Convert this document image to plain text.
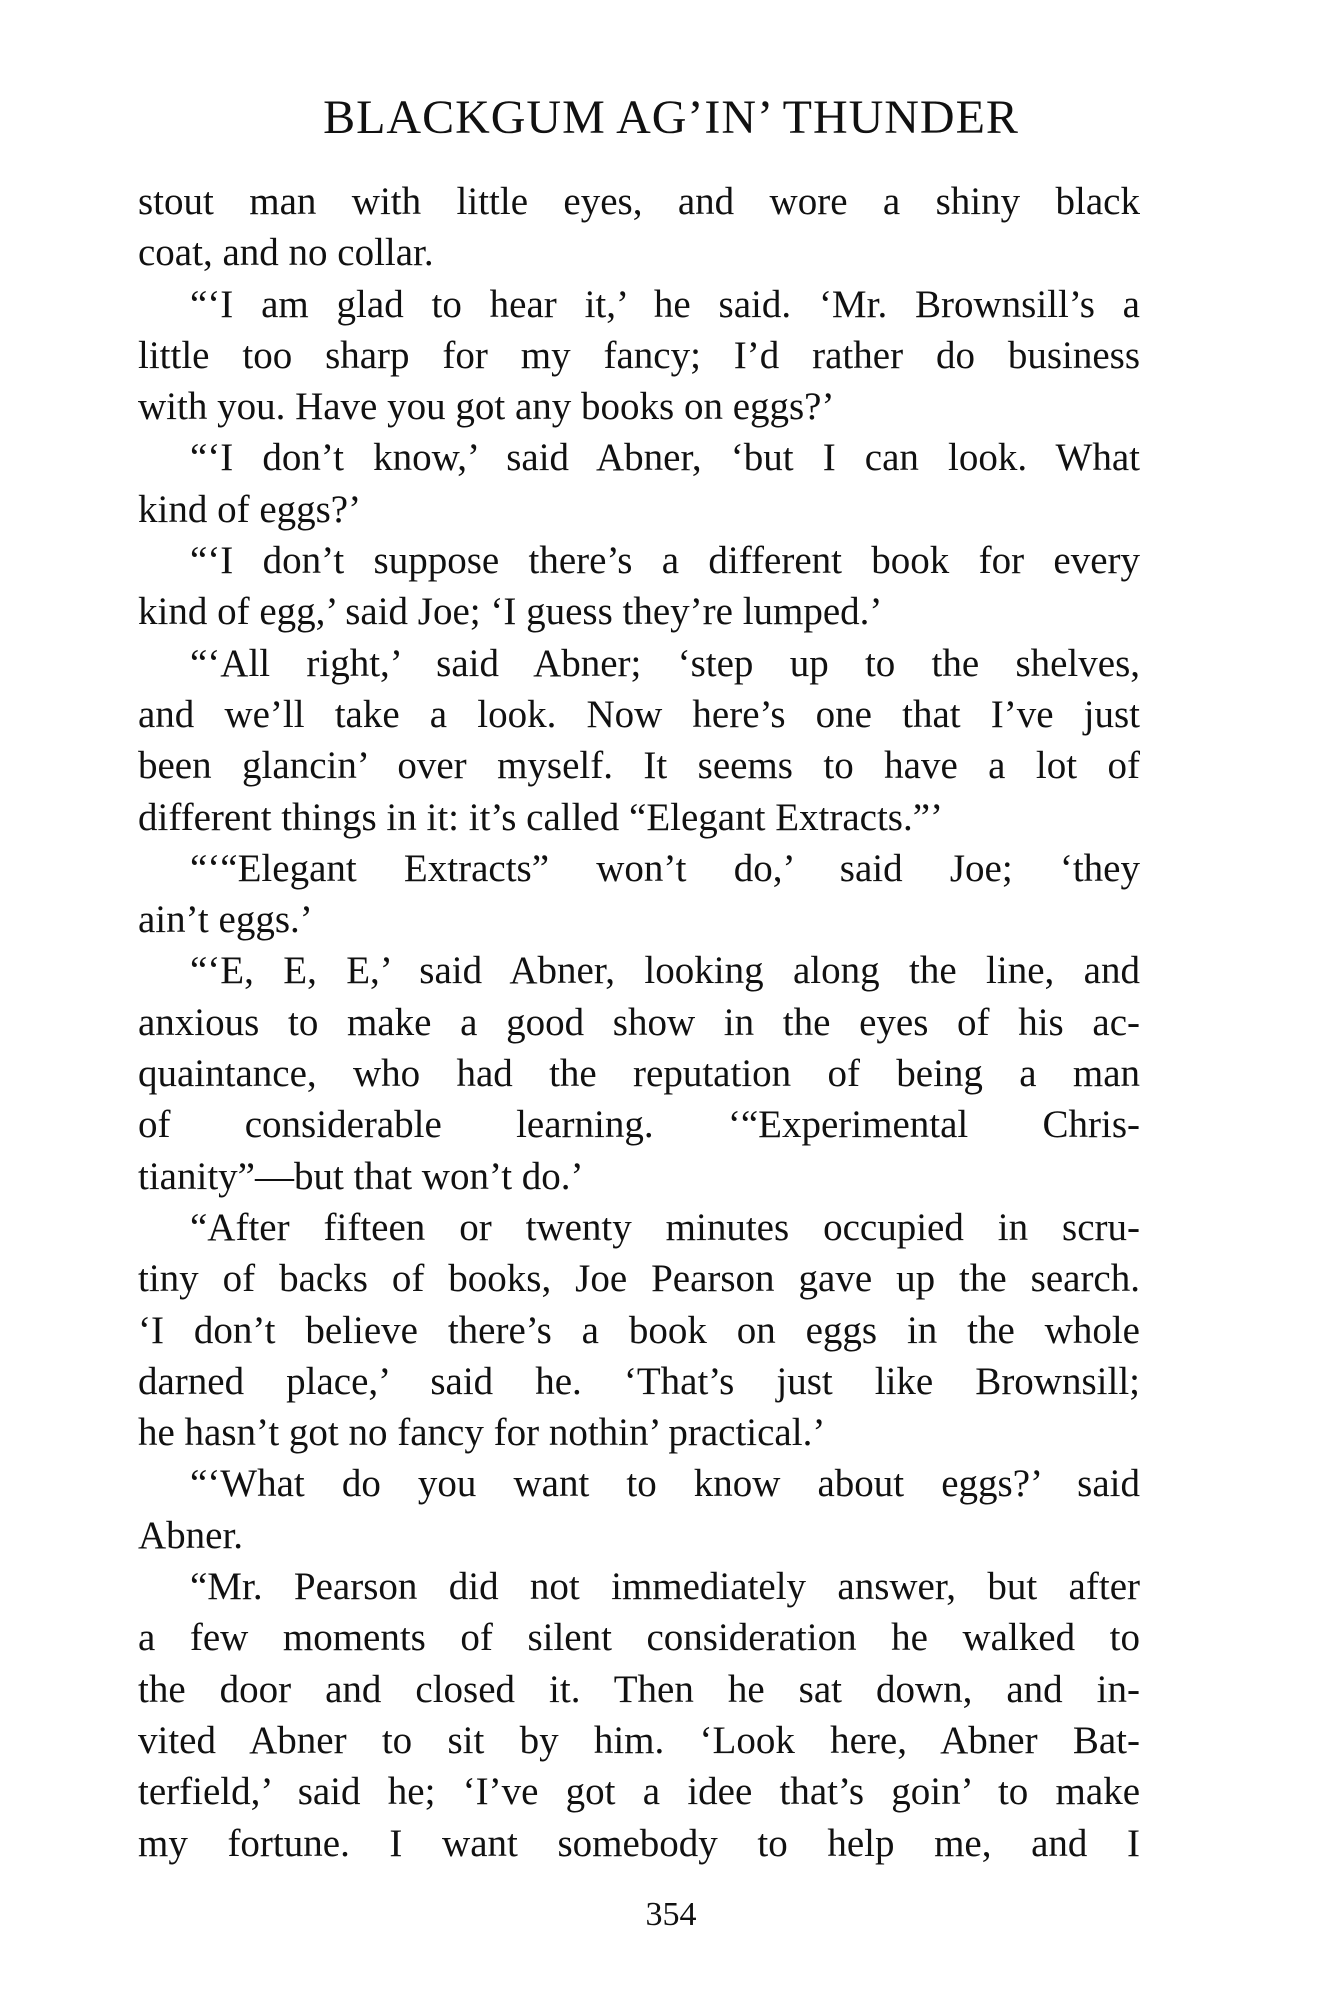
BLACKGUM AG’IN’ THUNDER
stout man with little eyes, and wore a shiny black
coat, and no collar.
“‘I am glad to hear it,’ he said. ‘Mr. Brownsill’s a
little too sharp for my fancy; I’d rather do business
with you. Have you got any books on eggs?’
“‘I don’t know,’ said Abner, ‘but I can look. What
kind of eggs?’
“‘I don’t suppose there’s a different book for every
kind of egg,’ said Joe; ‘I guess they’re lumped.’
“‘All right,’ said Abner; ‘step up to the shelves,
and we’ll take a look. Now here’s one that I’ve just
been glancin’ over myself. It seems to have a lot of
different things in it: it’s called “Elegant Extracts.”’
“‘“Elegant Extracts” won’t do,’ said Joe; ‘they
ain’t eggs.’
“‘E, E, E,’ said Abner, looking along the line, and
anxious to make a good show in the eyes of his ac-
quaintance, who had the reputation of being a man
of considerable learning. ‘“Experimental Chris-
tianity”—but that won’t do.’
“After fifteen or twenty minutes occupied in scru-
tiny of backs of books, Joe Pearson gave up the search.
‘I don’t believe there’s a book on eggs in the whole
darned place,’ said he. ‘That’s just like Brownsill;
he hasn’t got no fancy for nothin’ practical.’
“‘What do you want to know about eggs?’ said
Abner.
“Mr. Pearson did not immediately answer, but after
a few moments of silent consideration he walked to
the door and closed it. Then he sat down, and in-
vited Abner to sit by him. ‘Look here, Abner Bat-
terfield,’ said he; ‘I’ve got a idee that’s goin’ to make
my fortune. I want somebody to help me, and I
354
